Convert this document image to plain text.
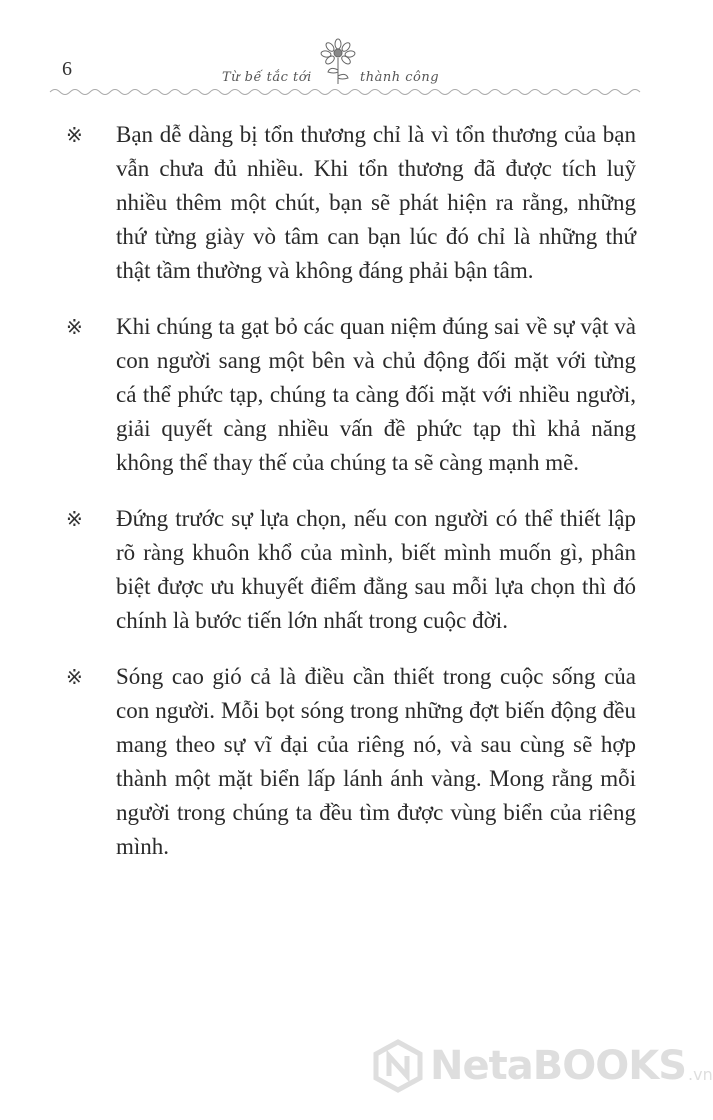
6	Từ bế tắc tới	thành công
※	Bạn dễ dàng bị tổn thương chỉ là vì tổn thương của bạn vẫn chưa đủ nhiều. Khi tổn thương đã được tích luỹ nhiều thêm một chút, bạn sẽ phát hiện ra rằng, những thứ từng giày vò tâm can bạn lúc đó chỉ là những thứ thật tầm thường và không đáng phải bận tâm.
※	Khi chúng ta gạt bỏ các quan niệm đúng sai về sự vật và con người sang một bên và chủ động đối mặt với từng cá thể phức tạp, chúng ta càng đối mặt với nhiều người, giải quyết càng nhiều vấn đề phức tạp thì khả năng không thể thay thế của chúng ta sẽ càng mạnh mẽ.
※	Đứng trước sự lựa chọn, nếu con người có thể thiết lập rõ ràng khuôn khổ của mình, biết mình muốn gì, phân biệt được ưu khuyết điểm đằng sau mỗi lựa chọn thì đó chính là bước tiến lớn nhất trong cuộc đời.
※	Sóng cao gió cả là điều cần thiết trong cuộc sống của con người. Mỗi bọt sóng trong những đợt biến động đều mang theo sự vĩ đại của riêng nó, và sau cùng sẽ hợp thành một mặt biển lấp lánh ánh vàng. Mong rằng mỗi người trong chúng ta đều tìm được vùng biển của riêng mình.
NetaBOOKS .vn
